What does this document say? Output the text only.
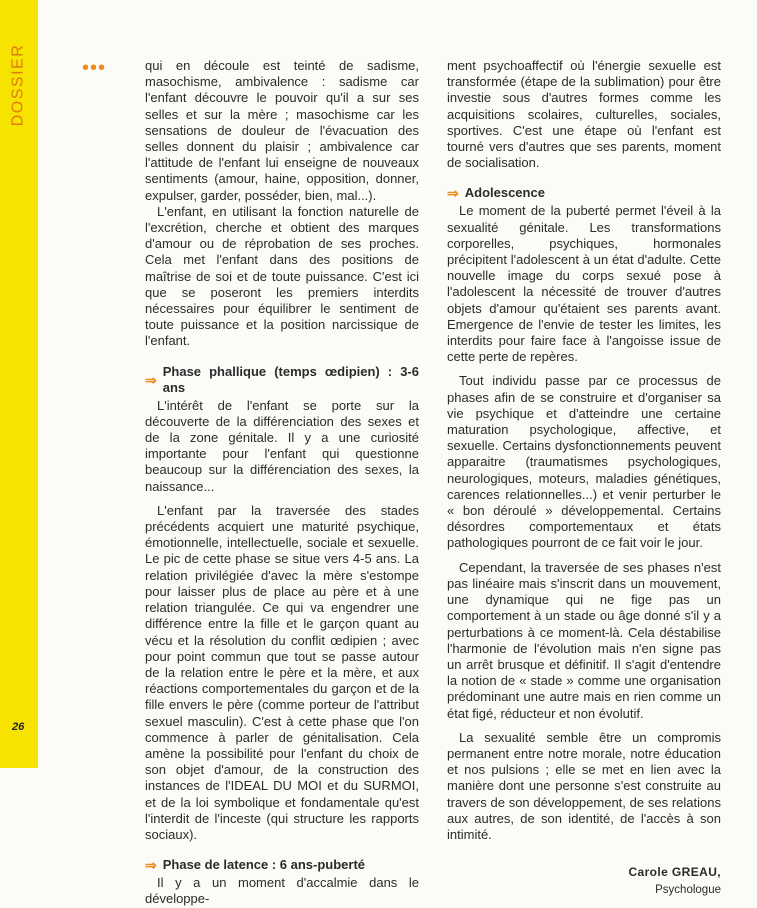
DOSSIER
26
•••	qui en découle est teinté de sadisme, masochisme, ambivalence : sadisme car l'enfant découvre le pouvoir qu'il a sur ses selles et sur la mère ; masochisme car les sensations de douleur de l'évacuation des selles donnent du plaisir ; ambivalence car l'attitude de l'enfant lui enseigne de nouveaux sentiments (amour, haine, opposition, donner, expulser, garder, posséder, bien, mal...).

L'enfant, en utilisant la fonction naturelle de l'excrétion, cherche et obtient des marques d'amour ou de réprobation de ses proches. Cela met l'enfant dans des positions de maîtrise de soi et de toute puissance. C'est ici que se poseront les premiers interdits nécessaires pour équilibrer le sentiment de toute puissance et la position narcissique de l'enfant.

⇒
Phase phallique (temps œdipien) : 3-6 ans

L'intérêt de l'enfant se porte sur la découverte de la différenciation des sexes et de la zone génitale. Il y a une curiosité importante pour l'enfant qui questionne beaucoup sur la différenciation des sexes, la naissance...

L'enfant par la traversée des stades précédents acquiert une maturité psychique, émotionnelle, intellectuelle, sociale et sexuelle. Le pic de cette phase se situe vers 4-5 ans. La relation privilégiée d'avec la mère s'estompe pour laisser plus de place au père et à une relation triangulée. Ce qui va engendrer une différence entre la fille et le garçon quant au vécu et la résolution du conflit œdipien ; avec pour point commun que tout se passe autour de la relation entre le père et la mère, et aux réactions comportementales du garçon et de la fille envers le père (comme porteur de l'attribut sexuel masculin). C'est à cette phase que l'on commence à parler de génitalisation. Cela amène la possibilité pour l'enfant du choix de son objet d'amour, de la construction des instances de l'IDEAL DU MOI et du SURMOI, et de la loi symbolique et fondamentale qu'est l'interdit de l'inceste (qui structure les rapports sociaux).

⇒ Phase de latence : 6 ans-puberté

Il y a un moment d'accalmie dans le développe-

ment psychoaffectif où l'énergie sexuelle est transformée (étape de la sublimation) pour être investie sous d'autres formes comme les acquisitions scolaires, culturelles, sociales, sportives. C'est une étape où l'enfant est tourné vers d'autres que ses parents, moment de socialisation.

⇒ Adolescence

Le moment de la puberté permet l'éveil à la sexualité génitale. Les transformations corporelles, psychiques, hormonales précipitent l'adolescent à un état d'adulte. Cette nouvelle image du corps sexué pose à l'adolescent la nécessité de trouver d'autres objets d'amour qu'étaient ses parents avant. Emergence de l'envie de tester les limites, les interdits pour faire face à l'angoisse issue de cette perte de repères.

Tout individu passe par ce processus de phases afin de se construire et d'organiser sa vie psychique et d'atteindre une certaine maturation psychologique, affective, et sexuelle. Certains dysfonctionnements peuvent apparaitre (traumatismes psychologiques, neurologiques, moteurs, maladies génétiques, carences relationnelles...) et venir perturber le « bon déroulé » développemental. Certains désordres comportementaux et états pathologiques pourront de ce fait voir le jour.

Cependant, la traversée de ses phases n'est pas linéaire mais s'inscrit dans un mouvement, une dynamique qui ne fige pas un comportement à un stade ou âge donné s'il y a perturbations à ce moment-là. Cela déstabilise l'harmonie de l'évolution mais n'en signe pas un arrêt brusque et définitif. Il s'agit d'entendre la notion de « stade » comme une organisation prédominant une autre mais en rien comme un état figé, réducteur et non évolutif.

La sexualité semble être un compromis permanent entre notre morale, notre éducation et nos pulsions ; elle se met en lien avec la manière dont une personne s'est construite au travers de son développement, de ses relations aux autres, de son identité, de l'accès à son intimité.

Carole GREAU,
Psychologue
